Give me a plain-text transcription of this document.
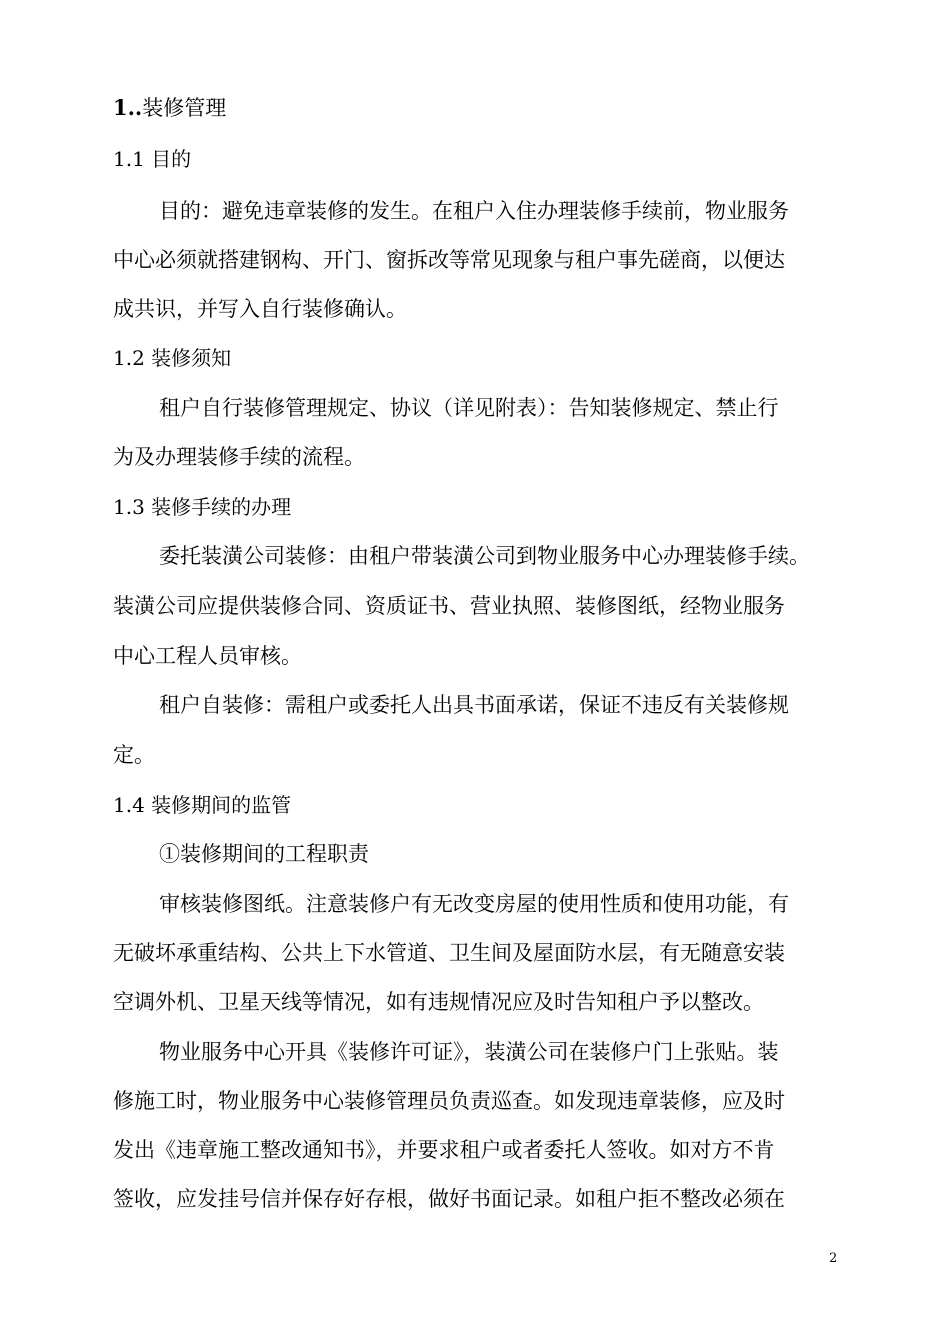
1..装修管理
1.1 目的
目的：避免违章装修的发生。在租户入住办理装修手续前，物业服务
中心必须就搭建钢构、开门、窗拆改等常见现象与租户事先磋商，以便达
成共识，并写入自行装修确认。
1.2 装修须知
租户自行装修管理规定、协议（详见附表）：告知装修规定、禁止行
为及办理装修手续的流程。
1.3 装修手续的办理
委托装潢公司装修：由租户带装潢公司到物业服务中心办理装修手续。
装潢公司应提供装修合同、资质证书、营业执照、装修图纸，经物业服务
中心工程人员审核。
租户自装修：需租户或委托人出具书面承诺，保证不违反有关装修规
定。
1.4 装修期间的监管
①装修期间的工程职责
审核装修图纸。注意装修户有无改变房屋的使用性质和使用功能，有
无破坏承重结构、公共上下水管道、卫生间及屋面防水层，有无随意安装
空调外机、卫星天线等情况，如有违规情况应及时告知租户予以整改。
物业服务中心开具《装修许可证》，装潢公司在装修户门上张贴。装
修施工时，物业服务中心装修管理员负责巡查。如发现违章装修，应及时
发出《违章施工整改通知书》，并要求租户或者委托人签收。如对方不肯
签收，应发挂号信并保存好存根，做好书面记录。如租户拒不整改必须在
2
